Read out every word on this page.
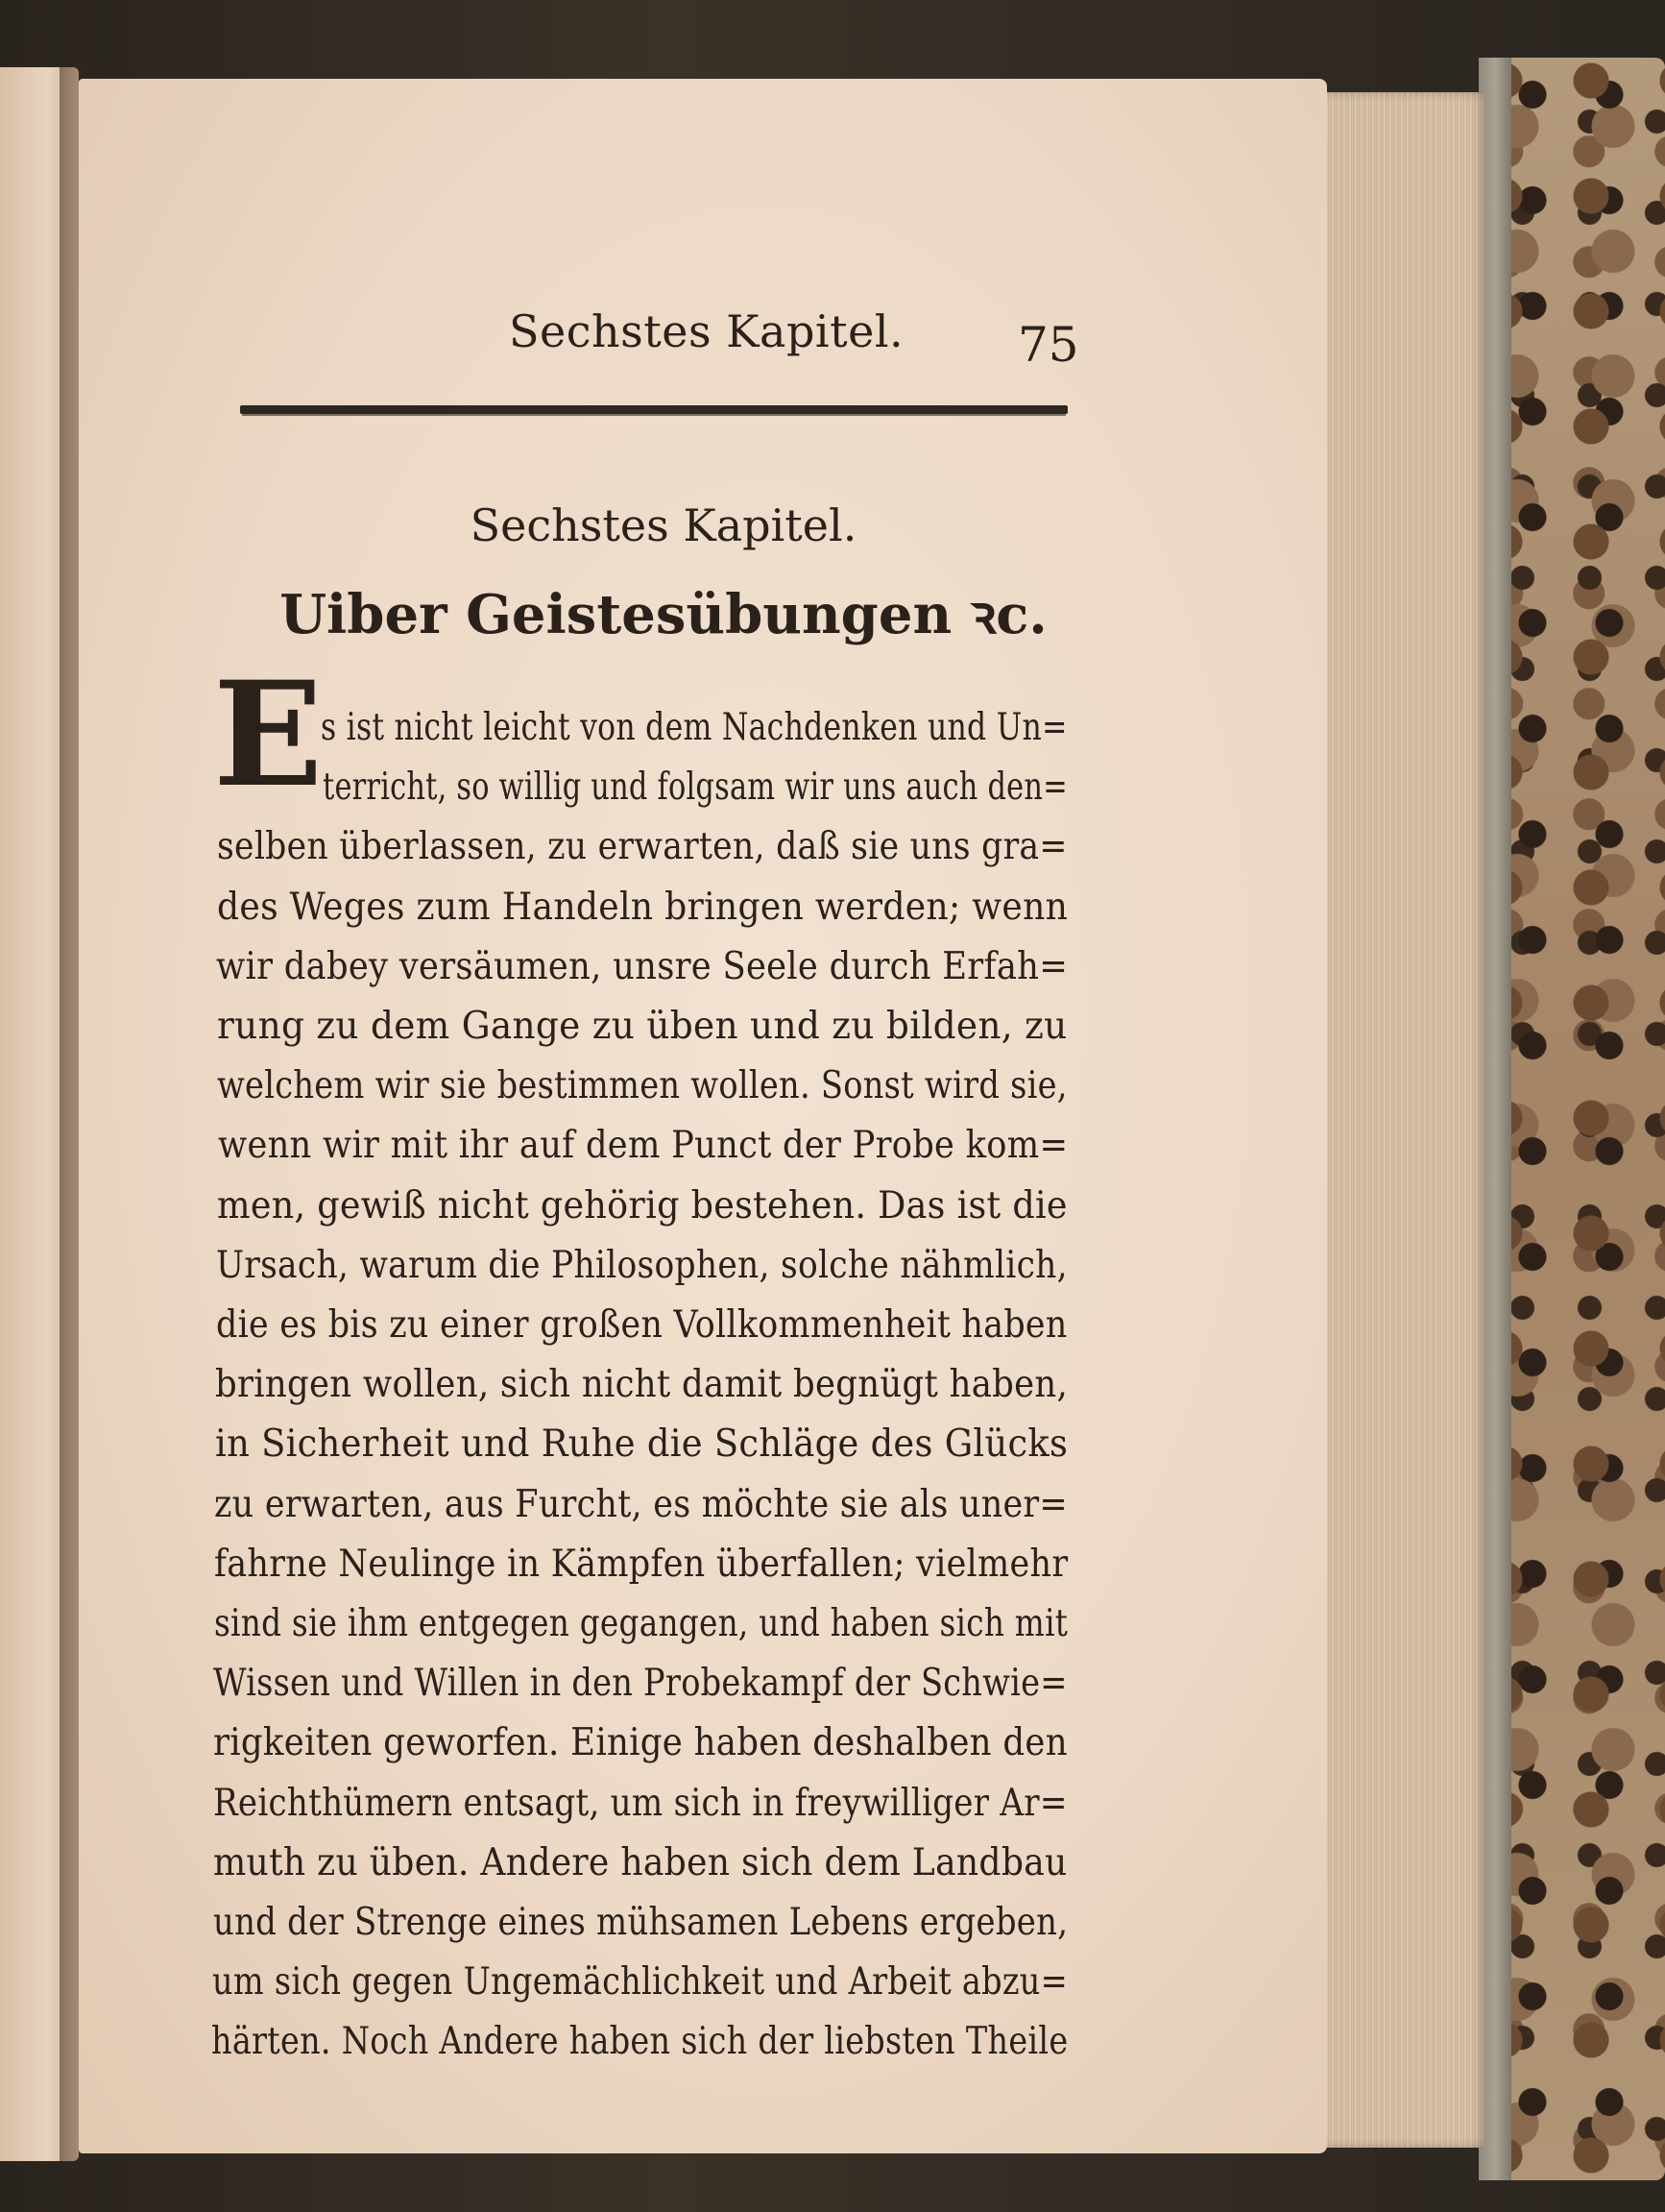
Sechstes Kapitel. 75
Sechstes Kapitel.
Uiber Geistesübungen ꝛc.
E
s ist nicht leicht von dem Nachdenken und Un=
terricht, so willig und folgsam wir uns auch den=
selben überlassen, zu erwarten, daß sie uns gra=
des Weges zum Handeln bringen werden; wenn
wir dabey versäumen, unsre Seele durch Erfah=
rung zu dem Gange zu üben und zu bilden, zu
welchem wir sie bestimmen wollen. Sonst wird sie,
wenn wir mit ihr auf dem Punct der Probe kom=
men, gewiß nicht gehörig bestehen. Das ist die
Ursach, warum die Philosophen, solche nähmlich,
die es bis zu einer großen Vollkommenheit haben
bringen wollen, sich nicht damit begnügt haben,
in Sicherheit und Ruhe die Schläge des Glücks
zu erwarten, aus Furcht, es möchte sie als uner=
fahrne Neulinge in Kämpfen überfallen; vielmehr
sind sie ihm entgegen gegangen, und haben sich mit
Wissen und Willen in den Probekampf der Schwie=
rigkeiten geworfen. Einige haben deshalben den
Reichthümern entsagt, um sich in freywilliger Ar=
muth zu üben. Andere haben sich dem Landbau
und der Strenge eines mühsamen Lebens ergeben,
um sich gegen Ungemächlichkeit und Arbeit abzu=
härten. Noch Andere haben sich der liebsten Theile
